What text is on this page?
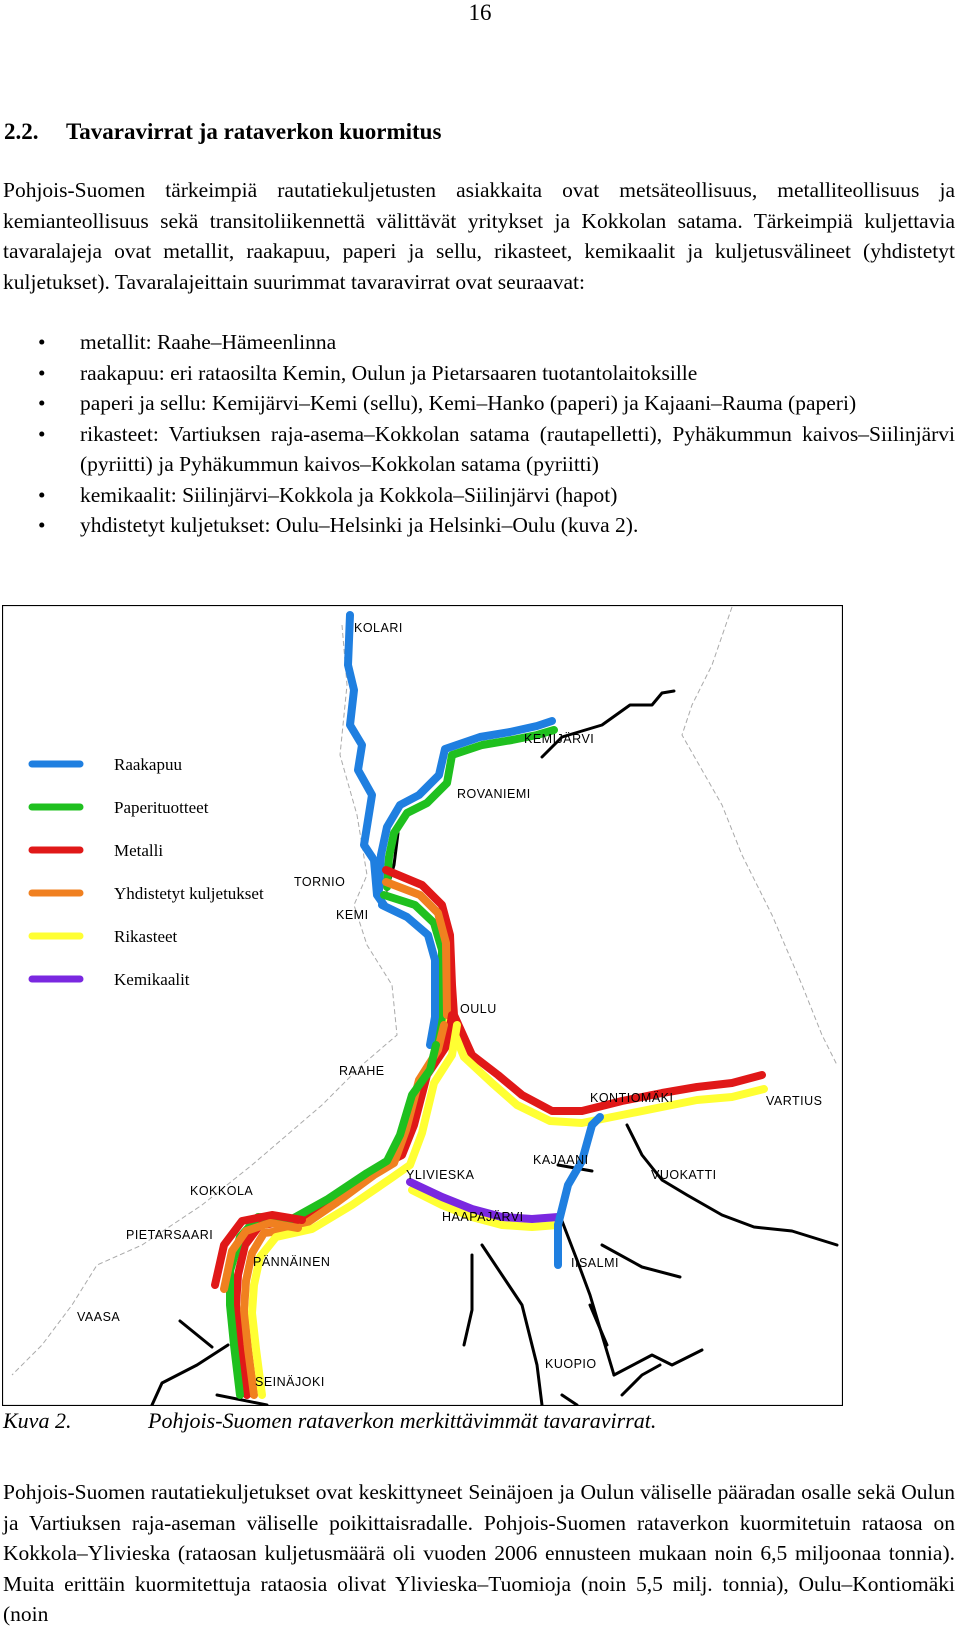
16
2.2. Tavaravirrat ja rataverkon kuormitus

Pohjois-Suomen tärkeimpiä rautatiekuljetusten asiakkaita ovat metsäteollisuus, metalliteollisuus ja kemianteollisuus sekä transitoliikennettä välittävät yritykset ja Kokkolan satama. Tärkeimpiä kuljettavia tavaralajeja ovat metallit, raakapuu, paperi ja sellu, rikasteet, kemikaalit ja kuljetusvälineet (yhdistetyt kuljetukset). Tavaralajeittain suurimmat tavaravirrat ovat seuraavat:

• metallit: Raahe–Hämeenlinna
• raakapuu: eri rataosilta Kemin, Oulun ja Pietarsaaren tuotantolaitoksille
• paperi ja sellu: Kemijärvi–Kemi (sellu), Kemi–Hanko (paperi) ja Kajaani–Rauma (paperi)
• rikasteet: Vartiuksen raja-asema–Kokkolan satama (rautapelletti), Pyhäkummun kaivos–Siilinjärvi (pyriitti) ja Pyhäkummun kaivos–Kokkolan satama (pyriitti)
• kemikaalit: Siilinjärvi–Kokkola ja Kokkola–Siilinjärvi (hapot)
• yhdistetyt kuljetukset: Oulu–Helsinki ja Helsinki–Oulu (kuva 2).
Raakapuu
Paperituotteet
Metalli
Yhdistetyt kuljetukset
Rikasteet
Kemikaalit
KOLARI
KEMIJÄRVI
ROVANIEMI
TORNIO
KEMI
OULU
RAAHE
KONTIOMÄKI	VARTIUS
KAJAANI
VUOKATTI
YLIVIESKA
KOKKOLA
HAAPAJÄRVI
PIETARSAARI
PÄNNÄINEN	IISALMI
VAASA
KUOPIO
SEINÄJOKI
Kuva 2.	Pohjois-Suomen rataverkon merkittävimmät tavaravirrat.

Pohjois-Suomen rautatiekuljetukset ovat keskittyneet Seinäjoen ja Oulun väliselle pääradan osalle sekä Oulun ja Vartiuksen raja-aseman väliselle poikittaisradalle. Pohjois-Suomen rataverkon kuormitetuin rataosa on Kokkola–Ylivieska (rataosan kuljetusmäärä oli vuoden 2006 ennusteen mukaan noin 6,5 miljoonaa tonnia). Muita erittäin kuormitettuja rataosia olivat Ylivieska–Tuomioja (noin 5,5 milj. tonnia), Oulu–Kontiomäki (noin
